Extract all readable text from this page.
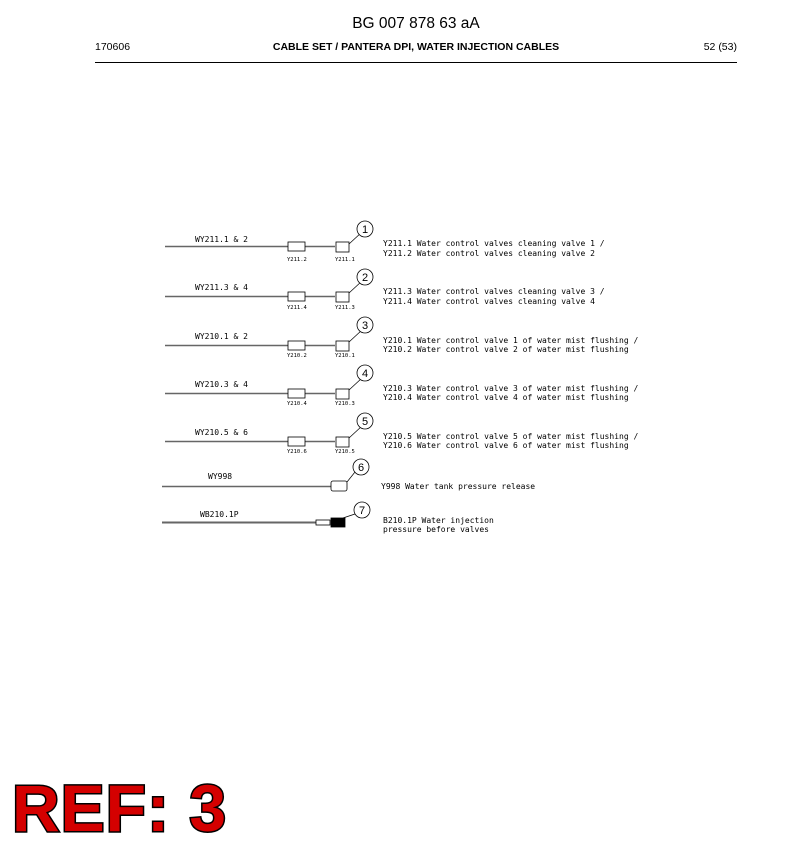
BG 007 878 63 aA
170606	CABLE SET / PANTERA DPI, WATER INJECTION CABLES	52 (53)
1
2
3
4
5
6
7
WY211.1 & 2
WY211.3 & 4
WY210.1 & 2
WY210.3 & 4
WY210.5 & 6
WY998
WB210.1P
Y211.2	Y211.1
Y211.4	Y211.3
Y210.2	Y210.1
Y210.4	Y210.3
Y210.6	Y210.5
Y211.1 Water control valves cleaning valve 1 /
Y211.2 Water control valves cleaning valve 2
Y211.3 Water control valves cleaning valve 3 /
Y211.4 Water control valves cleaning valve 4
Y210.1 Water control valve 1 of water mist flushing /
Y210.2 Water control valve 2 of water mist flushing
Y210.3 Water control valve 3 of water mist flushing /
Y210.4 Water control valve 4 of water mist flushing
Y210.5 Water control valve 5 of water mist flushing /
Y210.6 Water control valve 6 of water mist flushing
Y998 Water tank pressure release
B210.1P Water injection
pressure before valves
REF: 3
